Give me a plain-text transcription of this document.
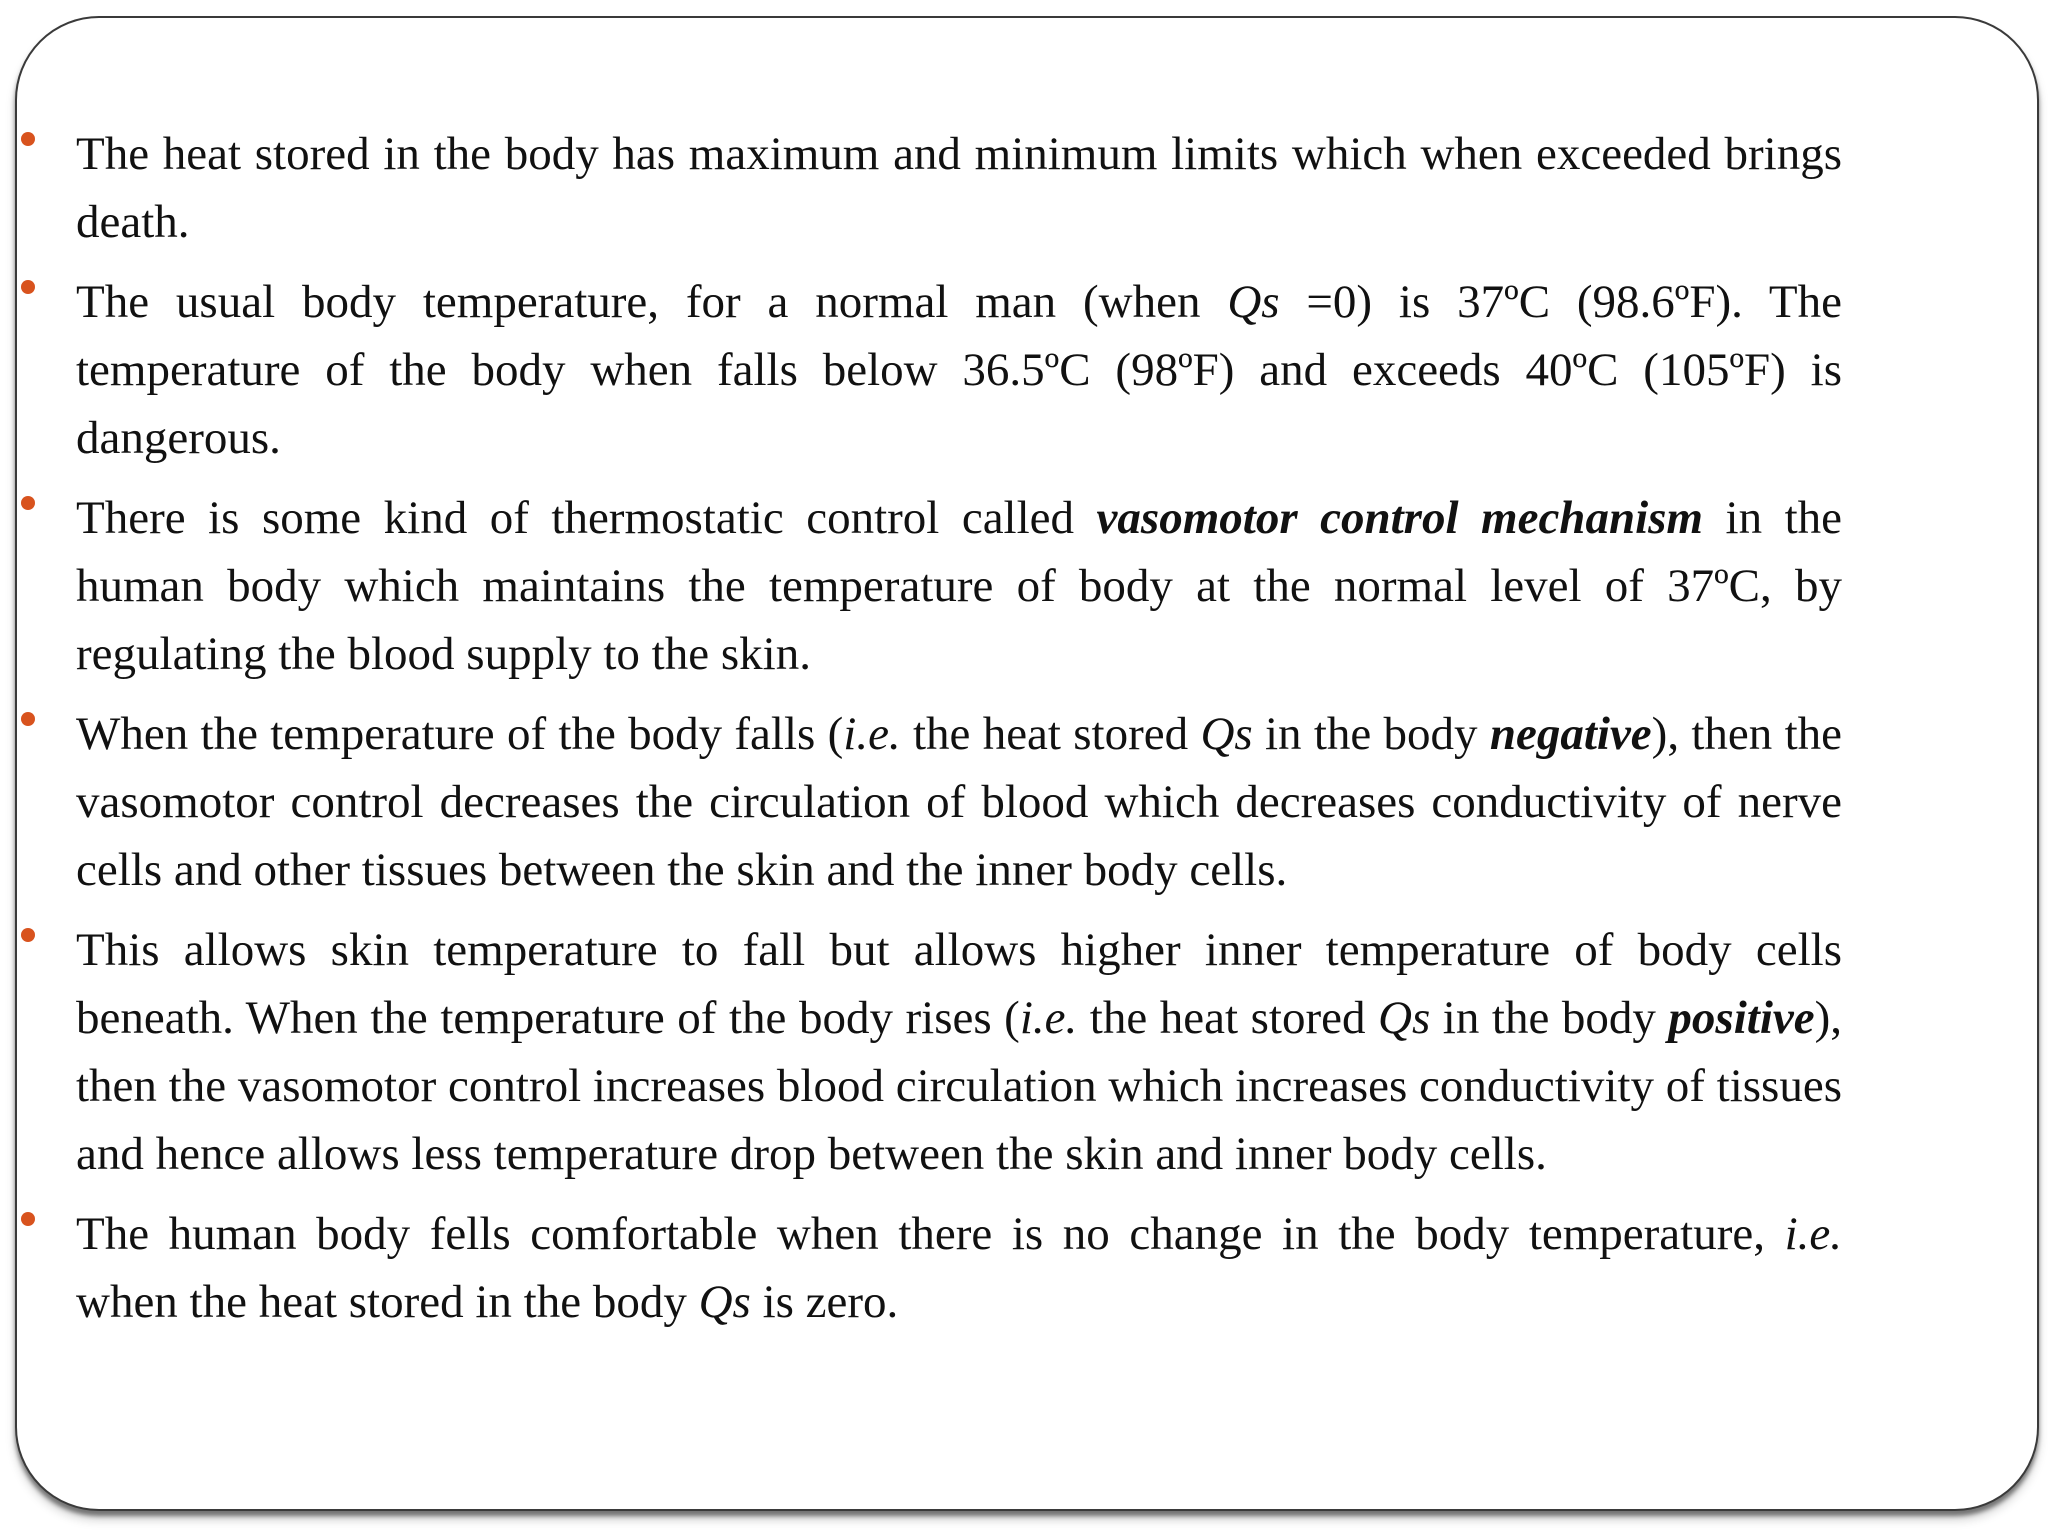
The heat stored in the body has maximum and minimum limits which when exceeded brings death.

The usual body temperature, for a normal man (when Qs =0) is 37ºC (98.6ºF). The temperature of the body when falls below 36.5ºC (98ºF) and exceeds 40ºC (105ºF) is dangerous.

There is some kind of thermostatic control called vasomotor control mechanism in the human body which maintains the temperature of body at the normal level of 37ºC, by regulating the blood supply to the skin.

When the temperature of the body falls (i.e. the heat stored Qs in the body negative), then the vasomotor control decreases the circulation of blood which decreases conductivity of nerve cells and other tissues between the skin and the inner body cells.

This allows skin temperature to fall but allows higher inner temperature of body cells beneath. When the temperature of the body rises (i.e. the heat stored Qs in the body positive), then the vasomotor control increases blood circulation which increases conductivity of tissues and hence allows less temperature drop between the skin and inner body cells.

The human body fells comfortable when there is no change in the body temperature, i.e. when the heat stored in the body Qs is zero.
